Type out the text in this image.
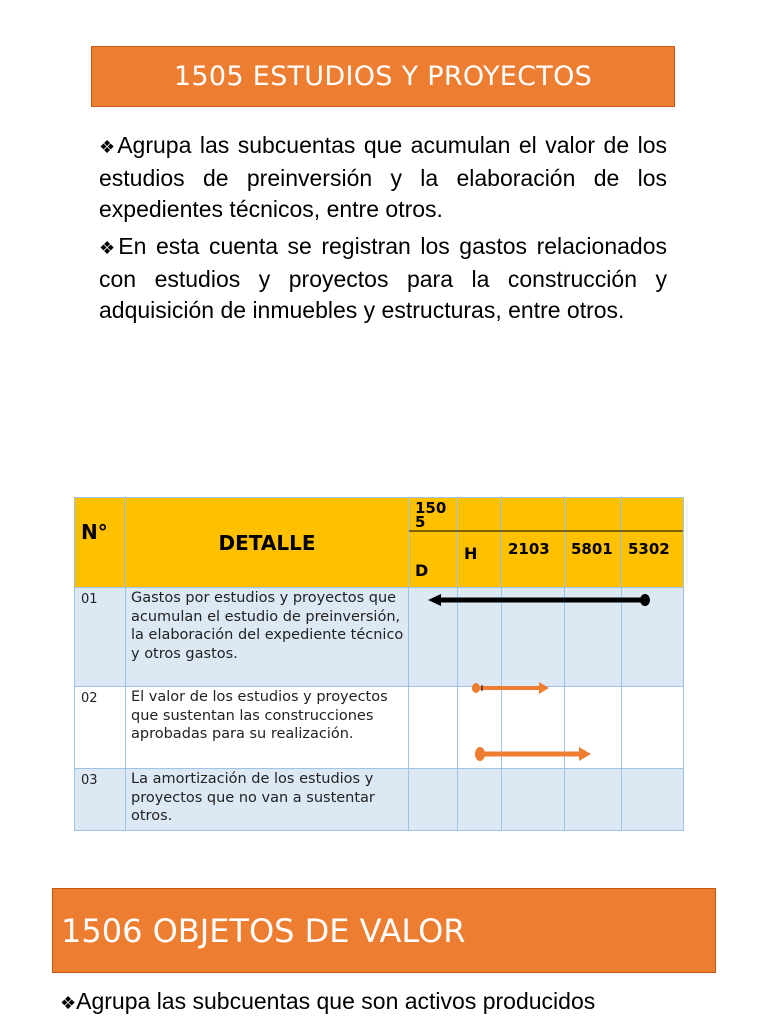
1505 ESTUDIOS Y PROYECTOS
❖Agrupa las subcuentas que acumulan el valor de los estudios de preinversión y la elaboración de los expedientes técnicos, entre otros.
❖En esta cuenta se registran los gastos relacionados con estudios y proyectos para la construcción y adquisición de inmuebles y estructuras, entre otros.
N°	DETALLE	150 5
D	H	2103	5801	5302
01	Gastos por estudios y proyectos que acumulan el estudio de preinversión, la elaboración del expediente técnico y otros gastos.					
02	El valor de los estudios y proyectos que sustentan las construcciones aprobadas para su realización.					
03	La amortización de los estudios y proyectos que no van a sustentar otros.					
1506 OBJETOS DE VALOR
❖Agrupa las subcuentas que son activos producidos
